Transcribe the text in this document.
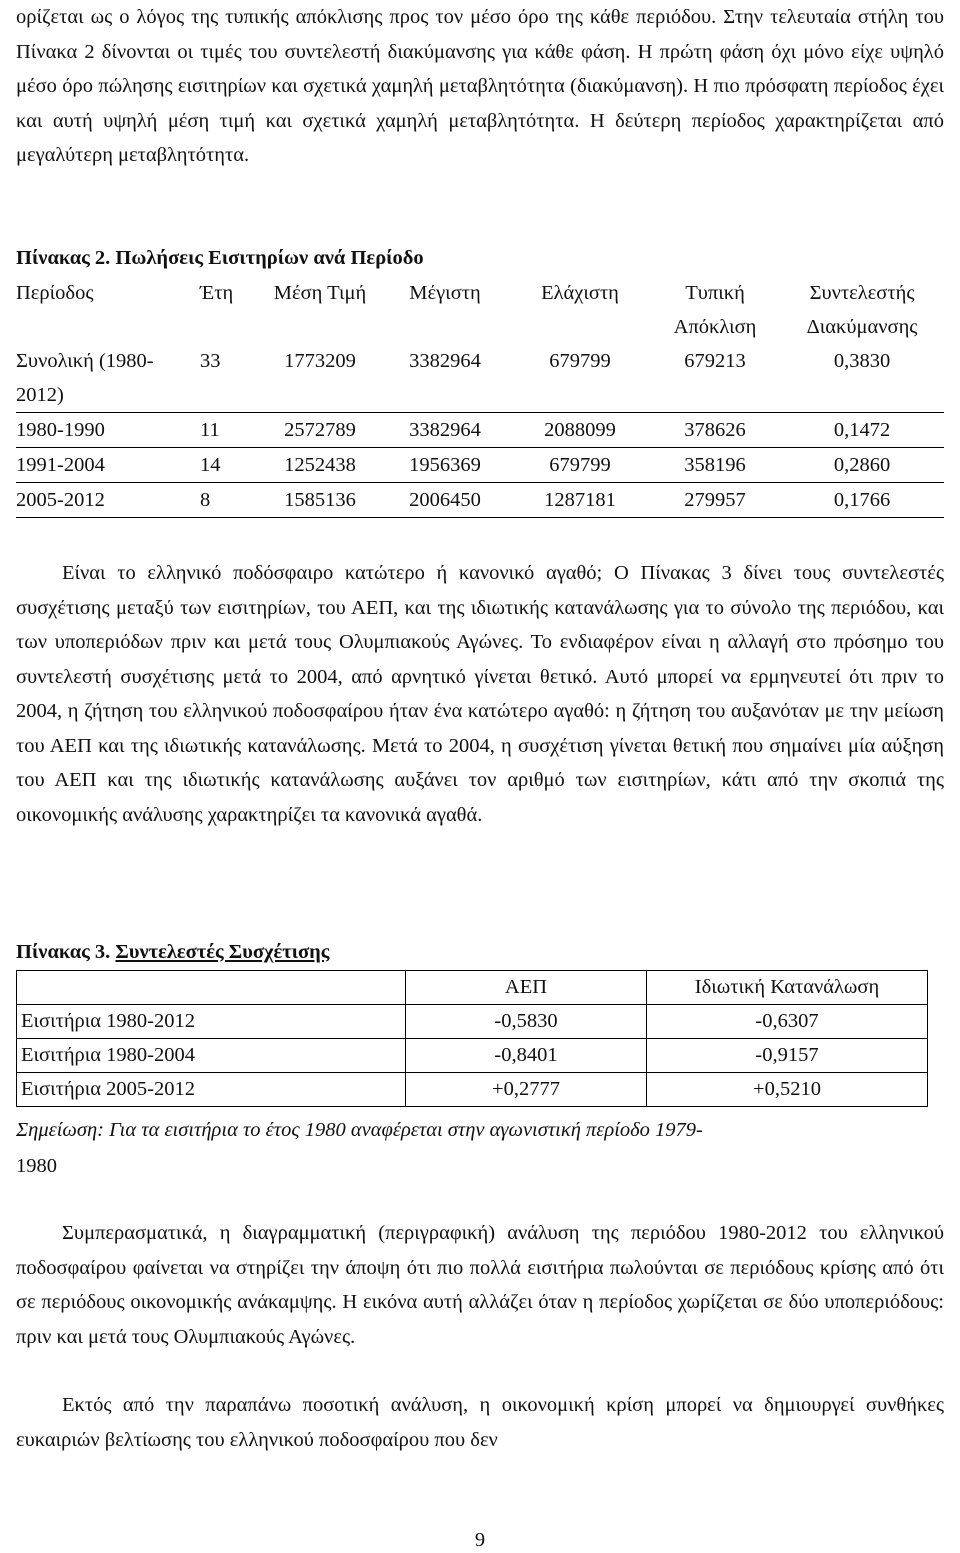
ορίζεται ως ο λόγος της τυπικής απόκλισης προς τον μέσο όρο της κάθε περιόδου. Στην τελευταία στήλη του Πίνακα 2 δίνονται οι τιμές του συντελεστή διακύμανσης για κάθε φάση. Η πρώτη φάση όχι μόνο είχε υψηλό μέσο όρο πώλησης εισιτηρίων και σχετικά χαμηλή μεταβλητότητα (διακύμανση). Η πιο πρόσφατη περίοδος έχει και αυτή υψηλή μέση τιμή και σχετικά χαμηλή μεταβλητότητα. Η δεύτερη περίοδος χαρακτηρίζεται από μεγαλύτερη μεταβλητότητα.

Πίνακας 2. Πωλήσεις Εισιτηρίων ανά Περίοδο
Περίοδος	Έτη	Μέση Τιμή	Μέγιστη	Ελάχιστη	Τυπική Απόκλιση	Συντελεστής Διακύμανσης
Συνολική (1980-2012)	33	1773209	3382964	679799	679213	0,3830
1980-1990	11	2572789	3382964	2088099	378626	0,1472
1991-2004	14	1252438	1956369	679799	358196	0,2860
2005-2012	8	1585136	2006450	1287181	279957	0,1766

Είναι το ελληνικό ποδόσφαιρο κατώτερο ή κανονικό αγαθό; Ο Πίνακας 3 δίνει τους συντελεστές συσχέτισης μεταξύ των εισιτηρίων, του ΑΕΠ, και της ιδιωτικής κατανάλωσης για το σύνολο της περιόδου, και των υποπεριόδων πριν και μετά τους Ολυμπιακούς Αγώνες. Το ενδιαφέρον είναι η αλλαγή στο πρόσημο του συντελεστή συσχέτισης μετά το 2004, από αρνητικό γίνεται θετικό. Αυτό μπορεί να ερμηνευτεί ότι πριν το 2004, η ζήτηση του ελληνικού ποδοσφαίρου ήταν ένα κατώτερο αγαθό: η ζήτηση του αυξανόταν με την μείωση του ΑΕΠ και της ιδιωτικής κατανάλωσης. Μετά το 2004, η συσχέτιση γίνεται θετική που σημαίνει μία αύξηση του ΑΕΠ και της ιδιωτικής κατανάλωσης αυξάνει τον αριθμό των εισιτηρίων, κάτι από την σκοπιά της οικονομικής ανάλυσης χαρακτηρίζει τα κανονικά αγαθά.

Πίνακας 3. Συντελεστές Συσχέτισης
	ΑΕΠ	Ιδιωτική Κατανάλωση
Εισιτήρια 1980-2012	-0,5830	-0,6307
Εισιτήρια 1980-2004	-0,8401	-0,9157
Εισιτήρια 2005-2012	+0,2777	+0,5210
Σημείωση: Για τα εισιτήρια το έτος 1980 αναφέρεται στην αγωνιστική περίοδο 1979-
1980

Συμπερασματικά, η διαγραμματική (περιγραφική) ανάλυση της περιόδου 1980-2012 του ελληνικού ποδοσφαίρου φαίνεται να στηρίζει την άποψη ότι πιο πολλά εισιτήρια πωλούνται σε περιόδους κρίσης από ότι σε περιόδους οικονομικής ανάκαμψης. Η εικόνα αυτή αλλάζει όταν η περίοδος χωρίζεται σε δύο υποπεριόδους: πριν και μετά τους Ολυμπιακούς Αγώνες.

Εκτός από την παραπάνω ποσοτική ανάλυση, η οικονομική κρίση μπορεί να δημιουργεί συνθήκες ευκαιριών βελτίωσης του ελληνικού ποδοσφαίρου που δεν

9
